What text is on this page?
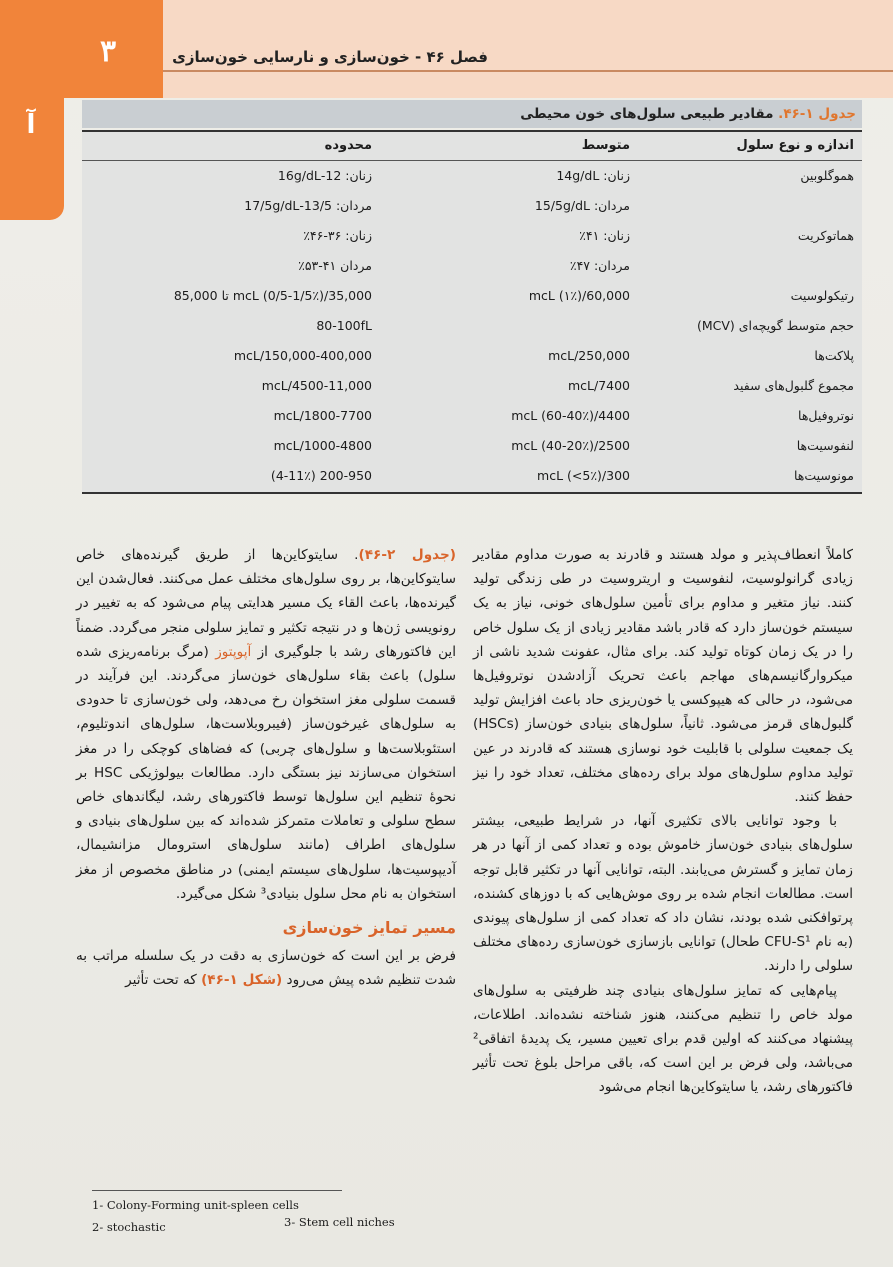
۳
آ
فصل ۴۶ - خون‌سازی و نارسایی خون‌سازی
جدول ۱-۴۶. مقادیر طبیعی سلول‌های خون محیطی
اندازه و نوع سلول
متوسط
محدوده
هموگلوبین
زنان: 14g/dL
زنان: 12-16g/dL
مردان: 15/5g/dL
مردان: 13/5-17/5g/dL
هماتوکریت
زنان: ۴۱٪
زنان: ۳۶-۴۶٪
مردان: ۴۷٪
مردان ۴۱-۵۳٪
رتیکولوسیت
60,000/mcL (۱٪)
35,000/mcL (0/5-1/5٪) تا 85,000
حجم متوسط گویچه‌ای (MCV)
80-100fL
پلاکت‌ها
250,000/mcL
150,000-400,000/mcL
مجموع گلبول‌های سفید
7400/mcL
4500-11,000/mcL
نوتروفیل‌ها
4400/mcL (60-40٪)
1800-7700/mcL
لنفوسیت‌ها
2500/mcL (40-20٪)
1000-4800/mcL
مونوسیت‌ها
300/mcL (<5٪)
200-950 (4-11٪)

کاملاً انعطاف‌پذیر و مولد هستند و قادرند به صورت مداوم مقادیر زیادی گرانولوسیت، لنفوسیت و اریتروسیت در طی زندگی تولید کنند. نیاز متغیر و مداوم برای تأمین سلول‌های خونی، نیاز به یک سیستم خون‌ساز دارد که قادر باشد مقادیر زیادی از یک سلول خاص را در یک زمان کوتاه تولید کند. برای مثال، عفونت شدید ناشی از میکروارگانیسم‌های مهاجم باعث تحریک آزادشدن نوتروفیل‌ها می‌شود، در حالی که هیپوکسی یا خون‌ریزی حاد باعث افزایش تولید گلبول‌های قرمز می‌شود. ثانیاً، سلول‌های بنیادی خون‌ساز (HSCs) یک جمعیت سلولی با قابلیت خود نوسازی هستند که قادرند در عین تولید مداوم سلول‌های مولد برای رده‌های مختلف، تعداد خود را نیز حفظ کنند.

با وجود توانایی بالای تکثیری آنها، در شرایط طبیعی، بیشتر سلول‌های بنیادی خون‌ساز خاموش بوده و تعداد کمی از آنها در هر زمان تمایز و گسترش می‌یابند. البته، توانایی آنها در تکثیر قابل توجه است. مطالعات انجام شده بر روی موش‌هایی که با دوزهای کشنده، پرتوافکنی شده بودند، نشان داد که تعداد کمی از سلول‌های پیوندی (به نام CFU-S¹ طحال) توانایی بازسازی خون‌سازی رده‌های مختلف سلولی را دارند.

پیام‌هایی که تمایز سلول‌های بنیادی چند ظرفیتی به سلول‌های مولد خاص را تنظیم می‌کنند، هنوز شناخته نشده‌اند. اطلاعات، پیشنهاد می‌کنند که اولین قدم برای تعیین مسیر، یک پدیدهٔ اتفاقی² می‌باشد، ولی فرض بر این است که، باقی مراحل بلوغ تحت تأثیر فاکتورهای رشد، یا سایتوکاین‌ها انجام می‌شود

(جدول ۲-۴۶). سایتوکاین‌ها از طریق گیرنده‌های خاص سایتوکاین‌ها، بر روی سلول‌های مختلف عمل می‌کنند. فعال‌شدن این گیرنده‌ها، باعث القاء یک مسیر هدایتی پیام می‌شود که به تغییر در رونویسی ژن‌ها و در نتیجه تکثیر و تمایز سلولی منجر می‌گردد. ضمناً این فاکتورهای رشد با جلوگیری از آپوپتوز (مرگ برنامه‌ریزی شده سلول) باعث بقاء سلول‌های خون‌ساز می‌گردند. این فرآیند در قسمت سلولی مغز استخوان رخ می‌دهد، ولی خون‌سازی تا حدودی به سلول‌های غیرخون‌ساز (فیبروبلاست‌ها، سلول‌های اندوتلیوم، استئوبلاست‌ها و سلول‌های چربی) که فضاهای کوچکی را در مغز استخوان می‌سازند نیز بستگی دارد. مطالعات بیولوژیکی HSC بر نحوهٔ تنظیم این سلول‌ها توسط فاکتورهای رشد، لیگاندهای خاص سطح سلولی و تعاملات متمرکز شده‌اند که بین سلول‌های بنیادی و سلول‌های اطراف (مانند سلول‌های استرومال مزانشیمال، آدیپوسیت‌ها، سلول‌های سیستم ایمنی) در مناطق مخصوص از مغز استخوان به نام محل سلول بنیادی³ شکل می‌گیرد.

مسیر تمایز خون‌سازی

فرض بر این است که خون‌سازی به دقت در یک سلسله مراتب به شدت تنظیم شده پیش می‌رود (شکل ۱-۴۶) که تحت تأثیر

1- Colony-Forming unit-spleen cells
2- stochastic	3- Stem cell niches
